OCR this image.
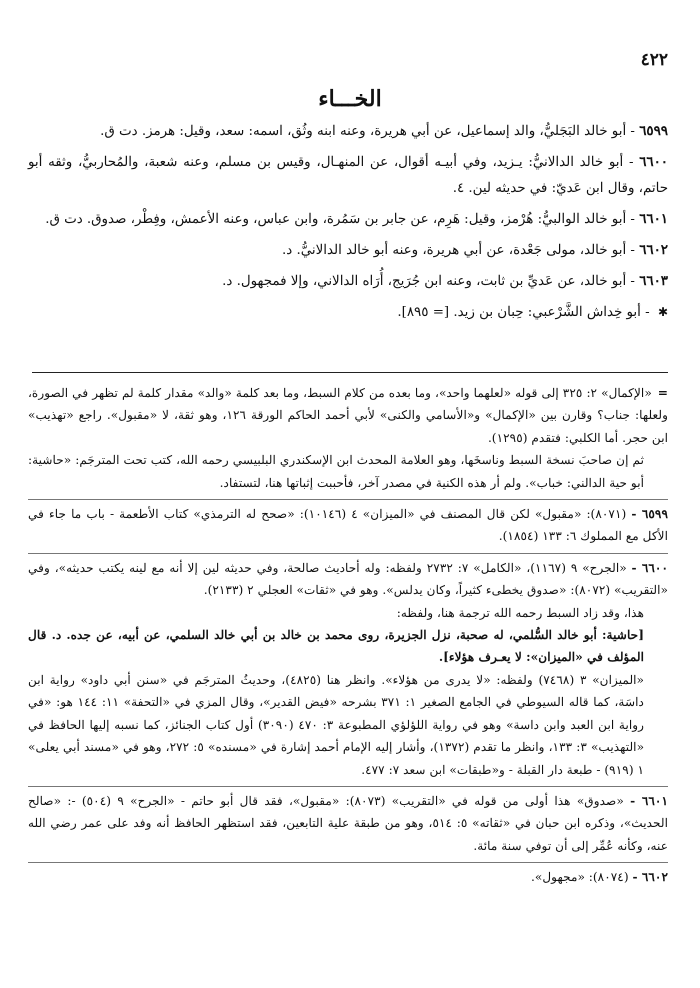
٤٢٢
الخـــاء

٦٥٩٩ - أبو خالد البَجَليُّ، والد إسماعيل، عن أبي هريرة، وعنه ابنه وثُق، اسمه: سعد، وقيل: هرمز. دت ق.

٦٦٠٠ - أبو خالد الدالانيُّ: يـزيد، وفي أبيـه أقوال، عن المنهـال، وقيس بن مسلم، وعنه شعبة، والمُحاربيُّ، وثقه أبو حاتم، وقال ابن عَديّ: في حديثه لين. ٤.

٦٦٠١ - أبو خالد الوالبيُّ: هُرْمز، وقيل: هَرِم، عن جابر بن سَمُرة، وابن عباس، وعنه الأعمش، وفِطْر، صدوق. دت ق.

٦٦٠٢ - أبو خالد، مولى جَعْدة، عن أبي هريرة، وعنه أبو خالد الدالانيُّ. د.

٦٦٠٣ - أبو خالد، عن عَديِّ بن ثابت، وعنه ابن جُرَيج، أُرَاه الدالاني، وإلا فمجهول. د.

✱ - أبو خِداش الشَّرْعبي: حِبان بن زيد. [= ٨٩٥].

=«الإكمال» ٢: ٣٢٥ إلى قوله «لعلهما واحد»، وما بعده من كلام السبط، وما بعد كلمة «والد» مقدار كلمة لم تظهر في الصورة، ولعلها: جناب؟ وقارن بين «الإكمال» و«الأسامي والكنى» لأبي أحمد الحاكم الورقة ١٢٦، وهو ثقة، لا «مقبول». راجع «تهذيب» ابن حجر. أما الكلبي: فتقدم (١٢٩٥).

ثم إن صاحبَ نسخة السبط وناسخَها، وهو العلامة المحدث ابن الإسكندري البلبيسي رحمه الله، كتب تحت المترجَم: «حاشية: أبو حية الدالني: خباب». ولم أر هذه الكنية في مصدر آخر، فأحببت إثباتها هنا، لتستفاد.

٦٥٩٩ - (٨٠٧١): «مقبول» لكن قال المصنف في «الميزان» ٤ (١٠١٤٦): «صحح له الترمذي» كتاب الأطعمة - باب ما جاء في الأكل مع المملوك ٦: ١٣٣ (١٨٥٤).

٦٦٠٠ - «الجرح» ٩ (١١٦٧)، «الكامل» ٧: ٢٧٣٢ ولفظه: وله أحاديث صالحة، وفي حديثه لين إلا أنه مع لينه يكتب حديثه»، وفي «التقريب» (٨٠٧٢): «صدوق يخطىء كثيراً، وكان يدلس». وهو في «ثقات» العجلي ٢ (٢١٣٣).

هذا، وقد زاد السبط رحمه الله ترجمة هنا، ولفظه:

[حاشية: أبو خالد السُّلمي، له صحبة، نزل الجزيرة، روى محمد بن خالد بن أبي خالد السلمي، عن أبيه، عن جده. د. قال المؤلف في «الميزان»: لا يعـرف هؤلاء].

«الميزان» ٣ (٧٤٦٨) ولفظه: «لا يدرى من هؤلاء». وانظر هنا (٤٨٢٥)، وحديثُ المترجَم في «سنن أبي داود» رواية ابن داسَة، كما قاله السيوطي في الجامع الصغير ١: ٣٧١ بشرحه «فيض القدير»، وقال المزي في «التحفة» ١١: ١٤٤ هو: «في رواية ابن العبد وابن داسة» وهو في رواية اللؤلؤي المطبوعة ٣: ٤٧٠ (٣٠٩٠) أول كتاب الجنائز، كما نسبه إليها الحافظ في «التهذيب» ٣: ١٣٣، وانظر ما تقدم (١٣٧٢)، وأشار إليه الإمام أحمد إشارة في «مسنده» ٥: ٢٧٢، وهو في «مسند أبي يعلى» ١ (٩١٩) - طبعة دار القبلة - و«طبقات» ابن سعد ٧: ٤٧٧.

٦٦٠١ - «صدوق» هذا أولى من قوله في «التقريب» (٨٠٧٣): «مقبول»، فقد قال أبو حاتم - «الجرح» ٩ (٥٠٤) -: «صالح الحديث»، وذكره ابن حبان في «ثقاته» ٥: ٥١٤، وهو من طبقة علية التابعين، فقد استظهر الحافظ أنه وفد على عمر رضي الله عنه، وكأنه عُمِّر إلى أن توفي سنة مائة.

٦٦٠٢ - (٨٠٧٤): «مجهول».
